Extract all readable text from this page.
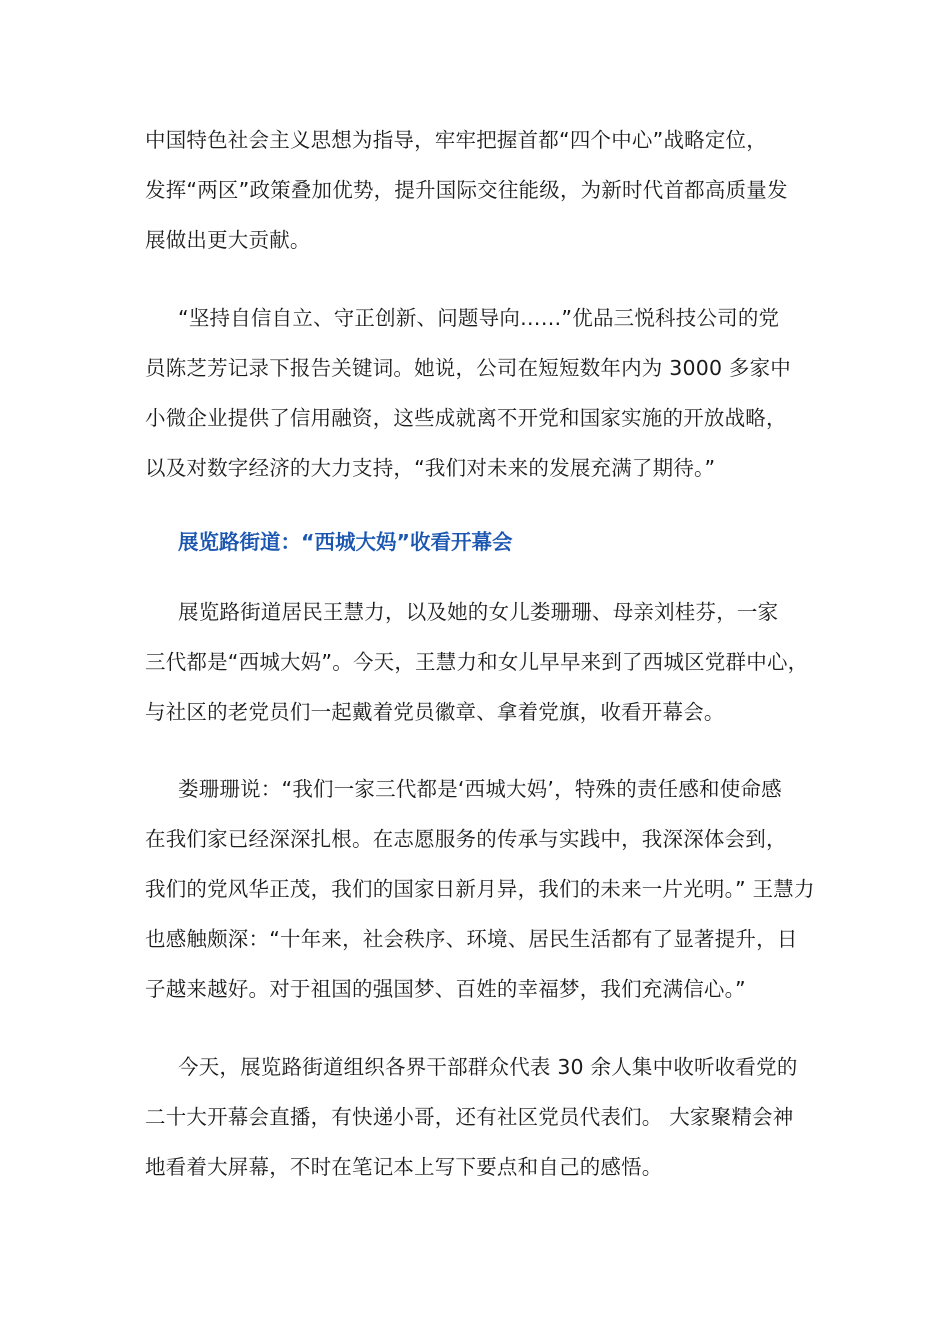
中国特色社会主义思想为指导，牢牢把握首都“四个中心”战略定位，
发挥“两区”政策叠加优势，提升国际交往能级，为新时代首都高质量发
展做出更大贡献。
“坚持自信自立、守正创新、问题导向……”优品三悦科技公司的党
员陈芝芳记录下报告关键词。她说，公司在短短数年内为 3000 多家中
小微企业提供了信用融资，这些成就离不开党和国家实施的开放战略，
以及对数字经济的大力支持，“我们对未来的发展充满了期待。”
展览路街道：“西城大妈”收看开幕会
展览路街道居民王慧力，以及她的女儿娄珊珊、母亲刘桂芬，一家
三代都是“西城大妈”。今天，王慧力和女儿早早来到了西城区党群中心，
与社区的老党员们一起戴着党员徽章、拿着党旗，收看开幕会。
娄珊珊说：“我们一家三代都是‘西城大妈’，特殊的责任感和使命感
在我们家已经深深扎根。在志愿服务的传承与实践中，我深深体会到，
我们的党风华正茂，我们的国家日新月异，我们的未来一片光明。” 王慧力
也感触颇深：“十年来，社会秩序、环境、居民生活都有了显著提升，日
子越来越好。对于祖国的强国梦、百姓的幸福梦，我们充满信心。”
今天，展览路街道组织各界干部群众代表 30 余人集中收听收看党的
二十大开幕会直播，有快递小哥，还有社区党员代表们。 大家聚精会神
地看着大屏幕，不时在笔记本上写下要点和自己的感悟。
